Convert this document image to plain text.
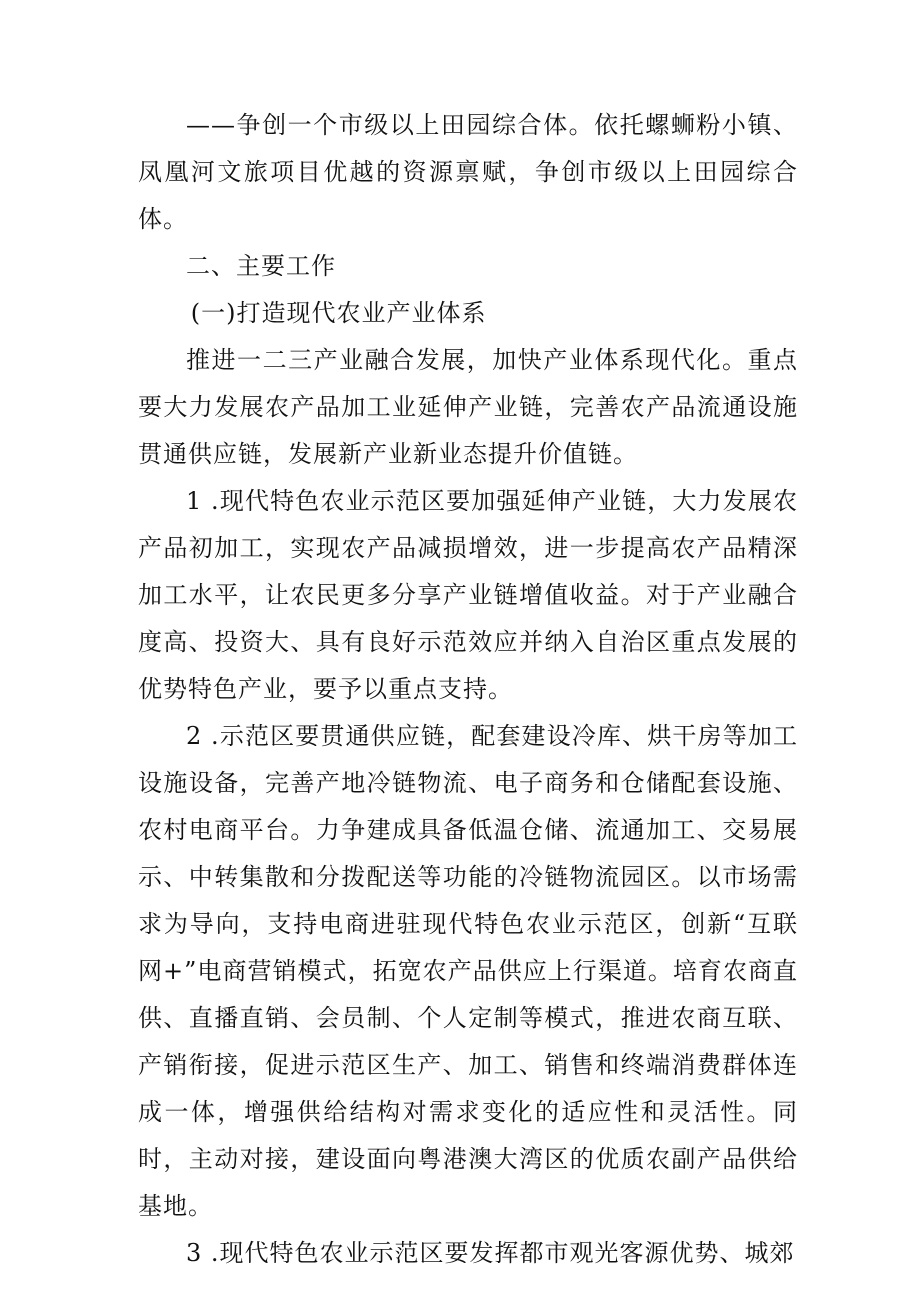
——争创一个市级以上田园综合体。依托螺蛳粉小镇、凤凰河文旅项目优越的资源禀赋，争创市级以上田园综合体。

二、主要工作

(一)打造现代农业产业体系

推进一二三产业融合发展，加快产业体系现代化。重点要大力发展农产品加工业延伸产业链，完善农产品流通设施贯通供应链，发展新产业新业态提升价值链。

1 .现代特色农业示范区要加强延伸产业链，大力发展农产品初加工，实现农产品减损增效，进一步提高农产品精深加工水平，让农民更多分享产业链增值收益。对于产业融合度高、投资大、具有良好示范效应并纳入自治区重点发展的优势特色产业，要予以重点支持。

2 .示范区要贯通供应链，配套建设冷库、烘干房等加工设施设备，完善产地冷链物流、电子商务和仓储配套设施、农村电商平台。力争建成具备低温仓储、流通加工、交易展示、中转集散和分拨配送等功能的冷链物流园区。以市场需求为导向，支持电商进驻现代特色农业示范区，创新“互联网+”电商营销模式，拓宽农产品供应上行渠道。培育农商直供、直播直销、会员制、个人定制等模式，推进农商互联、产销衔接，促进示范区生产、加工、销售和终端消费群体连成一体，增强供给结构对需求变化的适应性和灵活性。同时，主动对接，建设面向粤港澳大湾区的优质农副产品供给基地。

3 .现代特色农业示范区要发挥都市观光客源优势、城郊
